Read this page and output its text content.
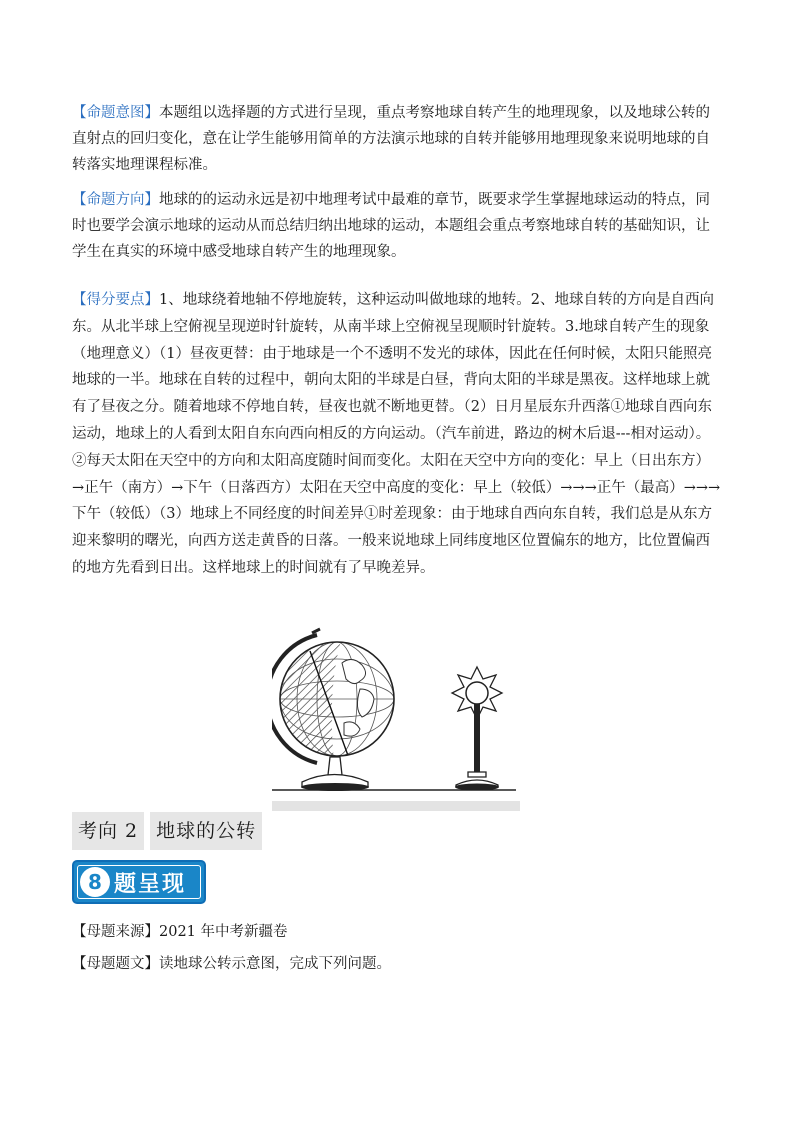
【命题意图】本题组以选择题的方式进行呈现，重点考察地球自转产生的地理现象，以及地球公转的直射点的回归变化，意在让学生能够用简单的方法演示地球的自转并能够用地理现象来说明地球的自转落实地理课程标准。

【命题方向】地球的的运动永远是初中地理考试中最难的章节，既要求学生掌握地球运动的特点，同时也要学会演示地球的运动从而总结归纳出地球的运动，本题组会重点考察地球自转的基础知识，让学生在真实的环境中感受地球自转产生的地理现象。

【得分要点】1、地球绕着地轴不停地旋转，这种运动叫做地球的地转。2、地球自转的方向是自西向东。从北半球上空俯视呈现逆时针旋转，从南半球上空俯视呈现顺时针旋转。3.地球自转产生的现象（地理意义）（1）昼夜更替：由于地球是一个不透明不发光的球体，因此在任何时候，太阳只能照亮地球的一半。地球在自转的过程中，朝向太阳的半球是白昼，背向太阳的半球是黑夜。这样地球上就有了昼夜之分。随着地球不停地自转，昼夜也就不断地更替。（2）日月星辰东升西落①地球自西向东运动，地球上的人看到太阳自东向西向相反的方向运动。（汽车前进，路边的树木后退---相对运动）。②每天太阳在天空中的方向和太阳高度随时间而变化。太阳在天空中方向的变化：早上（日出东方）→正午（南方）→下午（日落西方）太阳在天空中高度的变化：早上（较低）→→→正午（最高）→→→下午（较低）（3）地球上不同经度的时间差异①时差现象：由于地球自西向东自转，我们总是从东方迎来黎明的曙光，向西方送走黄昏的日落。一般来说地球上同纬度地区位置偏东的地方，比位置偏西的地方先看到日出。这样地球上的时间就有了早晚差异。

考向 2 地球的公转
8 题呈现
【母题来源】2021 年中考新疆卷
【母题题文】读地球公转示意图，完成下列问题。
